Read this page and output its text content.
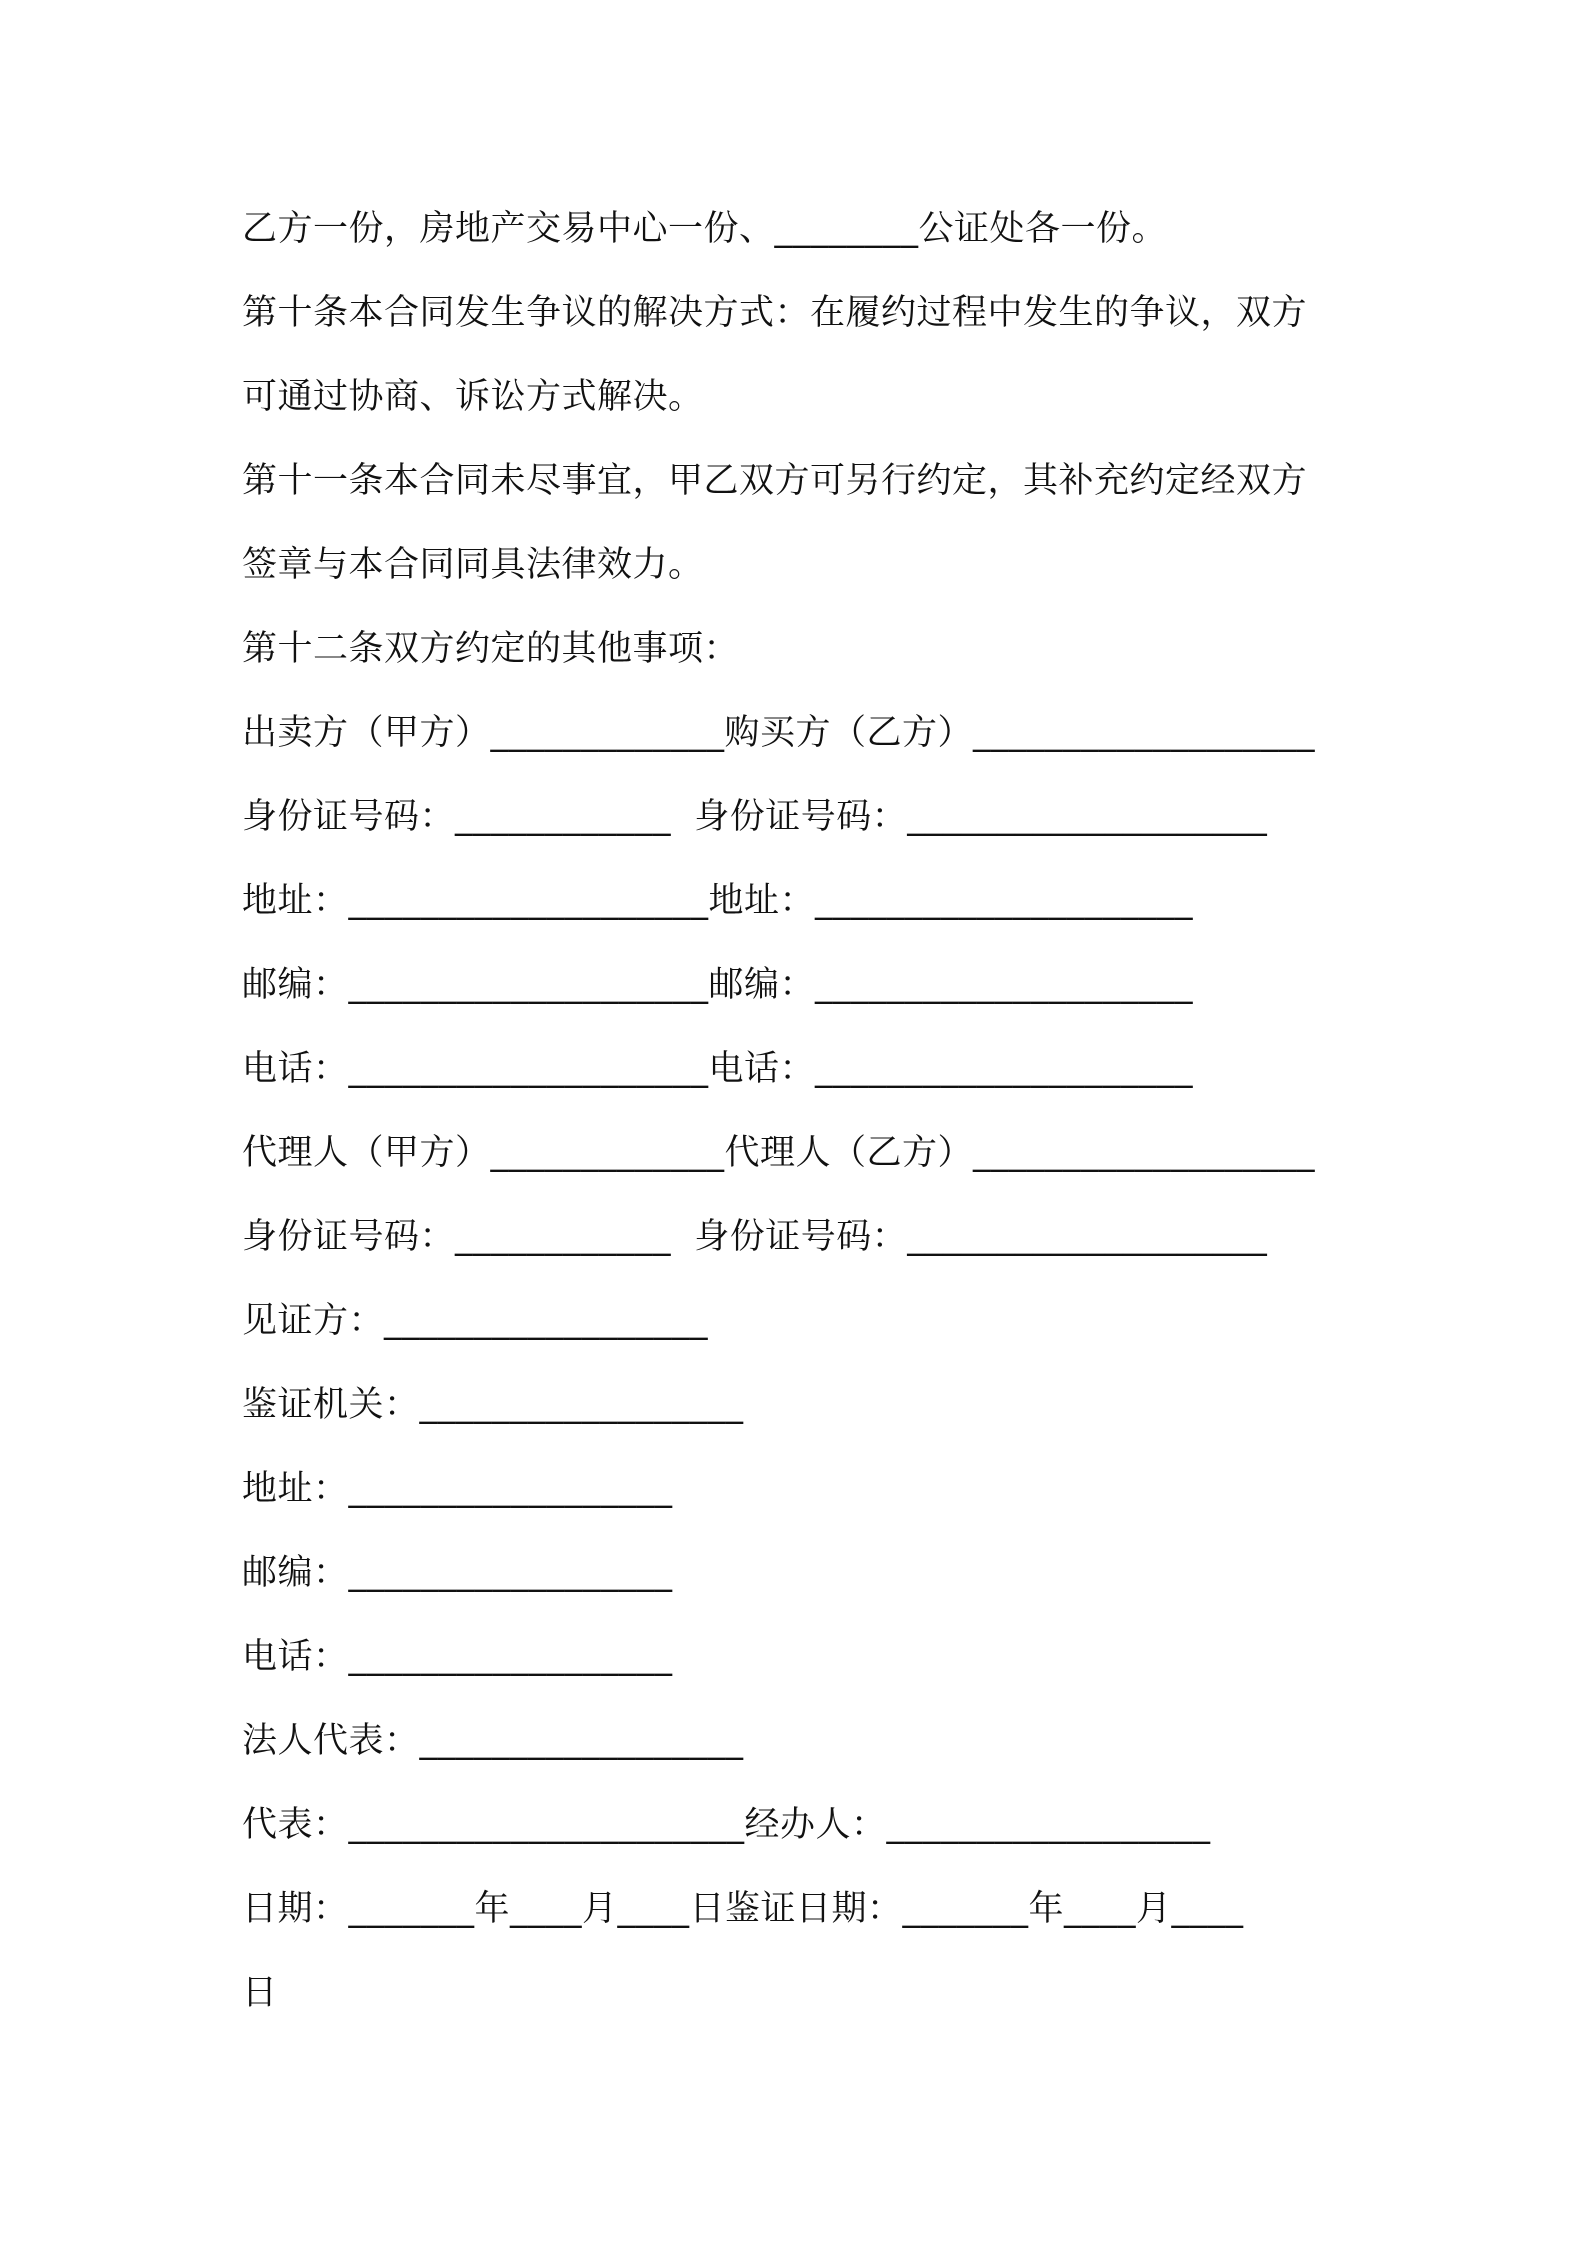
乙方一份，房地产交易中心一份、________公证处各一份。
第十条本合同发生争议的解决方式：在履约过程中发生的争议，双方
可通过协商、诉讼方式解决。
第十一条本合同未尽事宜，甲乙双方可另行约定，其补充约定经双方
签章与本合同同具法律效力。
第十二条双方约定的其他事项：
出卖方（甲方）_____________购买方（乙方）___________________
身份证号码：____________  身份证号码：____________________
地址：____________________地址：_____________________
邮编：____________________邮编：_____________________
电话：____________________电话：_____________________
代理人（甲方）_____________代理人（乙方）___________________
身份证号码：____________  身份证号码：____________________
见证方：__________________
鉴证机关：__________________
地址：__________________
邮编：__________________
电话：__________________
法人代表：__________________
代表：______________________经办人：__________________
日期：_______年____月____日鉴证日期：_______年____月____
日
